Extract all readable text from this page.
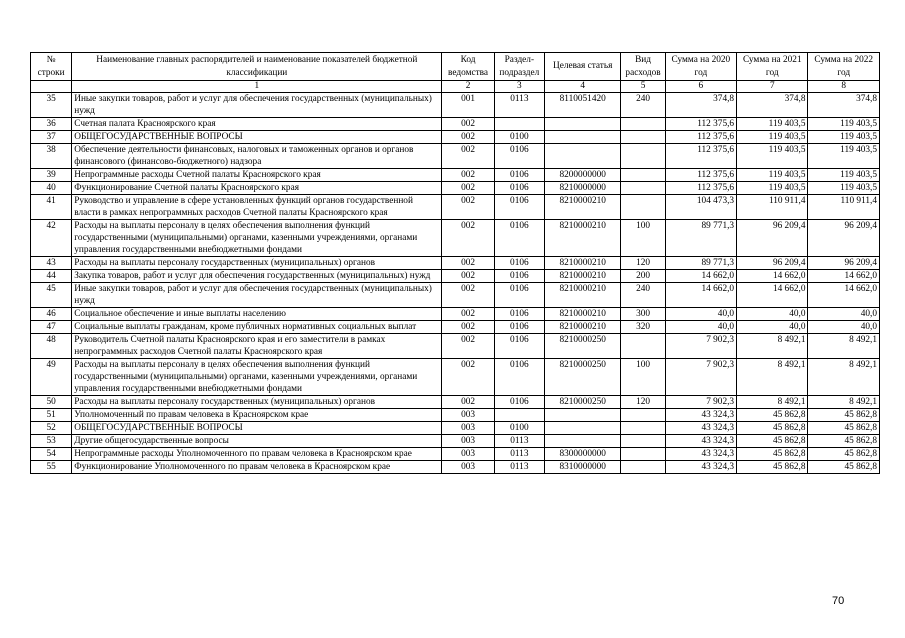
№ строки	Наименование главных распорядителей и наименование показателей бюджетной классификации	Код ведомства	Раздел-подраздел	Целевая статья	Вид расходов	Сумма на 2020 год	Сумма на 2021 год	Сумма на 2022 год
	1	2	3	4	5	6	7	8
35	Иные закупки товаров, работ и услуг для обеспечения государственных (муниципальных) нужд	001	0113	8110051420	240	374,8	374,8	374,8
36	Счетная палата Красноярского края	002				112 375,6	119 403,5	119 403,5
37	ОБЩЕГОСУДАРСТВЕННЫЕ ВОПРОСЫ	002	0100			112 375,6	119 403,5	119 403,5
38	Обеспечение деятельности финансовых, налоговых и таможенных органов и органов финансового (финансово-бюджетного) надзора	002	0106			112 375,6	119 403,5	119 403,5
39	Непрограммные расходы Счетной палаты Красноярского края	002	0106	8200000000		112 375,6	119 403,5	119 403,5
40	Функционирование Счетной палаты Красноярского края	002	0106	8210000000		112 375,6	119 403,5	119 403,5
41	Руководство и управление в сфере установленных функций органов государственной власти в рамках непрограммных расходов Счетной палаты Красноярского края	002	0106	8210000210		104 473,3	110 911,4	110 911,4
42	Расходы на выплаты персоналу в целях обеспечения выполнения функций государственными (муниципальными) органами, казенными учреждениями, органами управления государственными внебюджетными фондами	002	0106	8210000210	100	89 771,3	96 209,4	96 209,4
43	Расходы на выплаты персоналу государственных (муниципальных) органов	002	0106	8210000210	120	89 771,3	96 209,4	96 209,4
44	Закупка товаров, работ и услуг для обеспечения государственных (муниципальных) нужд	002	0106	8210000210	200	14 662,0	14 662,0	14 662,0
45	Иные закупки товаров, работ и услуг для обеспечения государственных (муниципальных) нужд	002	0106	8210000210	240	14 662,0	14 662,0	14 662,0
46	Социальное обеспечение и иные выплаты населению	002	0106	8210000210	300	40,0	40,0	40,0
47	Социальные выплаты гражданам, кроме публичных нормативных социальных выплат	002	0106	8210000210	320	40,0	40,0	40,0
48	Руководитель Счетной палаты Красноярского края и его заместители в рамках непрограммных расходов Счетной палаты Красноярского края	002	0106	8210000250		7 902,3	8 492,1	8 492,1
49	Расходы на выплаты персоналу в целях обеспечения выполнения функций государственными (муниципальными) органами, казенными учреждениями, органами управления государственными внебюджетными фондами	002	0106	8210000250	100	7 902,3	8 492,1	8 492,1
50	Расходы на выплаты персоналу государственных (муниципальных) органов	002	0106	8210000250	120	7 902,3	8 492,1	8 492,1
51	Уполномоченный по правам человека в Красноярском крае	003				43 324,3	45 862,8	45 862,8
52	ОБЩЕГОСУДАРСТВЕННЫЕ ВОПРОСЫ	003	0100			43 324,3	45 862,8	45 862,8
53	Другие общегосударственные вопросы	003	0113			43 324,3	45 862,8	45 862,8
54	Непрограммные расходы Уполномоченного по правам человека в Красноярском крае	003	0113	8300000000		43 324,3	45 862,8	45 862,8
55	Функционирование Уполномоченного по правам человека в Красноярском крае	003	0113	8310000000		43 324,3	45 862,8	45 862,8
70
